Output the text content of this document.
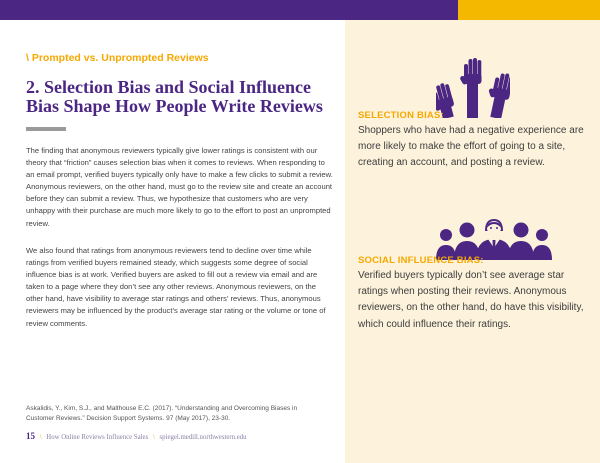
\ Prompted vs. Unprompted Reviews
2. Selection Bias and Social Influence Bias Shape How People Write Reviews

The finding that anonymous reviewers typically give lower ratings is consistent with our theory that “friction” causes selection bias when it comes to reviews. When responding to an email prompt, verified buyers typically only have to make a few clicks to submit a review. Anonymous reviewers, on the other hand, must go to the review site and create an account before they can submit a review. Thus, we hypothesize that customers who are very unhappy with their purchase are much more likely to go to the effort to post an unprompted review.

We also found that ratings from anonymous reviewers tend to decline over time while ratings from verified buyers remained steady, which suggests some degree of social influence bias is at work. Verified buyers are asked to fill out a review via email and are taken to a page where they don’t see any other reviews. Anonymous reviewers, on the other hand, have visibility to average star ratings and others’ reviews. Thus, anonymous reviewers may be influenced by the product’s average star rating or the volume or tone of review comments.

Askalidis, Y., Kim, S.J., and Malthouse E.C. (2017). “Understanding and Overcoming Biases in Customer Reviews.” Decision Support Systems. 97 (May 2017), 23-30.

15 \ How Online Reviews Influence Sales \ spiegel.medill.northwestern.edu
SELECTION BIAS:

Shoppers who have had a negative experience are more likely to make the effort of going to a site, creating an account, and posting a review.

SOCIAL INFLUENCE BIAS:

Verified buyers typically don’t see average star ratings when posting their reviews. Anonymous reviewers, on the other hand, do have this visibility, which could influence their ratings.
